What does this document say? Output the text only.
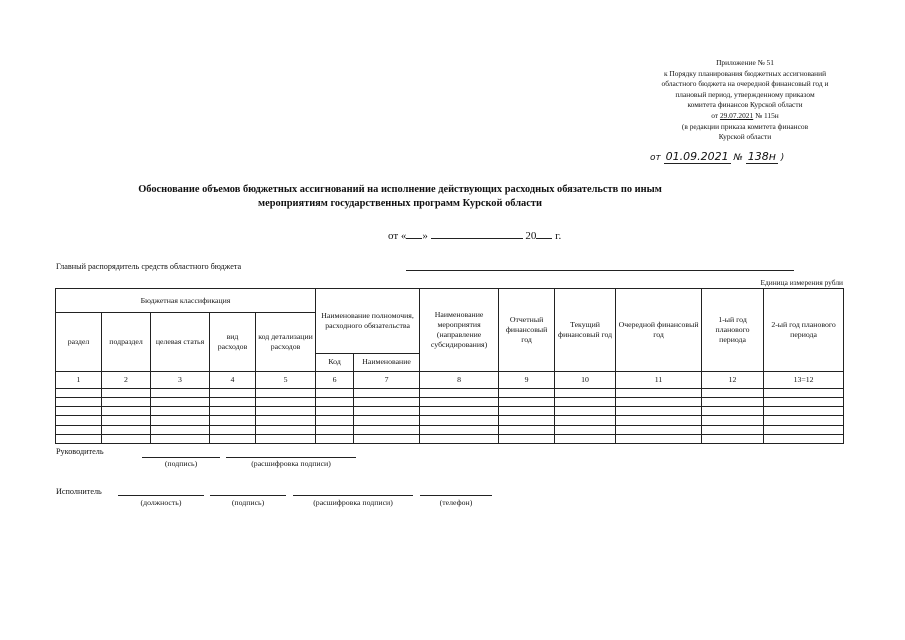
Приложение № 51
к Порядку планирования бюджетных ассигнований
областного бюджета на очередной финансовый год и
плановый период, утвержденному приказом
комитета финансов Курской области
от 29.07.2021 № 115н
(в редакции приказа комитета финансов
Курской области
от 01.09.2021 № 138н )
Обоснование объемов бюджетных ассигнований на исполнение действующих расходных обязательств по иным
мероприятиям государственных программ Курской области
от « »	20 г.
Главный распорядитель средств областного бюджета
Единица измерения рубли
Бюджетная классификация					Наименование полномочия, расходного обязательства		Наименование мероприятия (направление субсидирования)	Отчетный финансовый год	Текущий финансовый год	Очередной финансовый год	1-ый год планового периода	2-ый год планового периода
раздел	подраздел	целевая статья	вид расходов	код детализации расходов								
					Код	Наименование						
1	2	3	4	5	6	7	8	9	10	11	12	13=12

Руководитель
(подпись)	(расшифровка подписи)
Исполнитель
(должность)	(подпись)	(расшифровка подписи)	(телефон)
